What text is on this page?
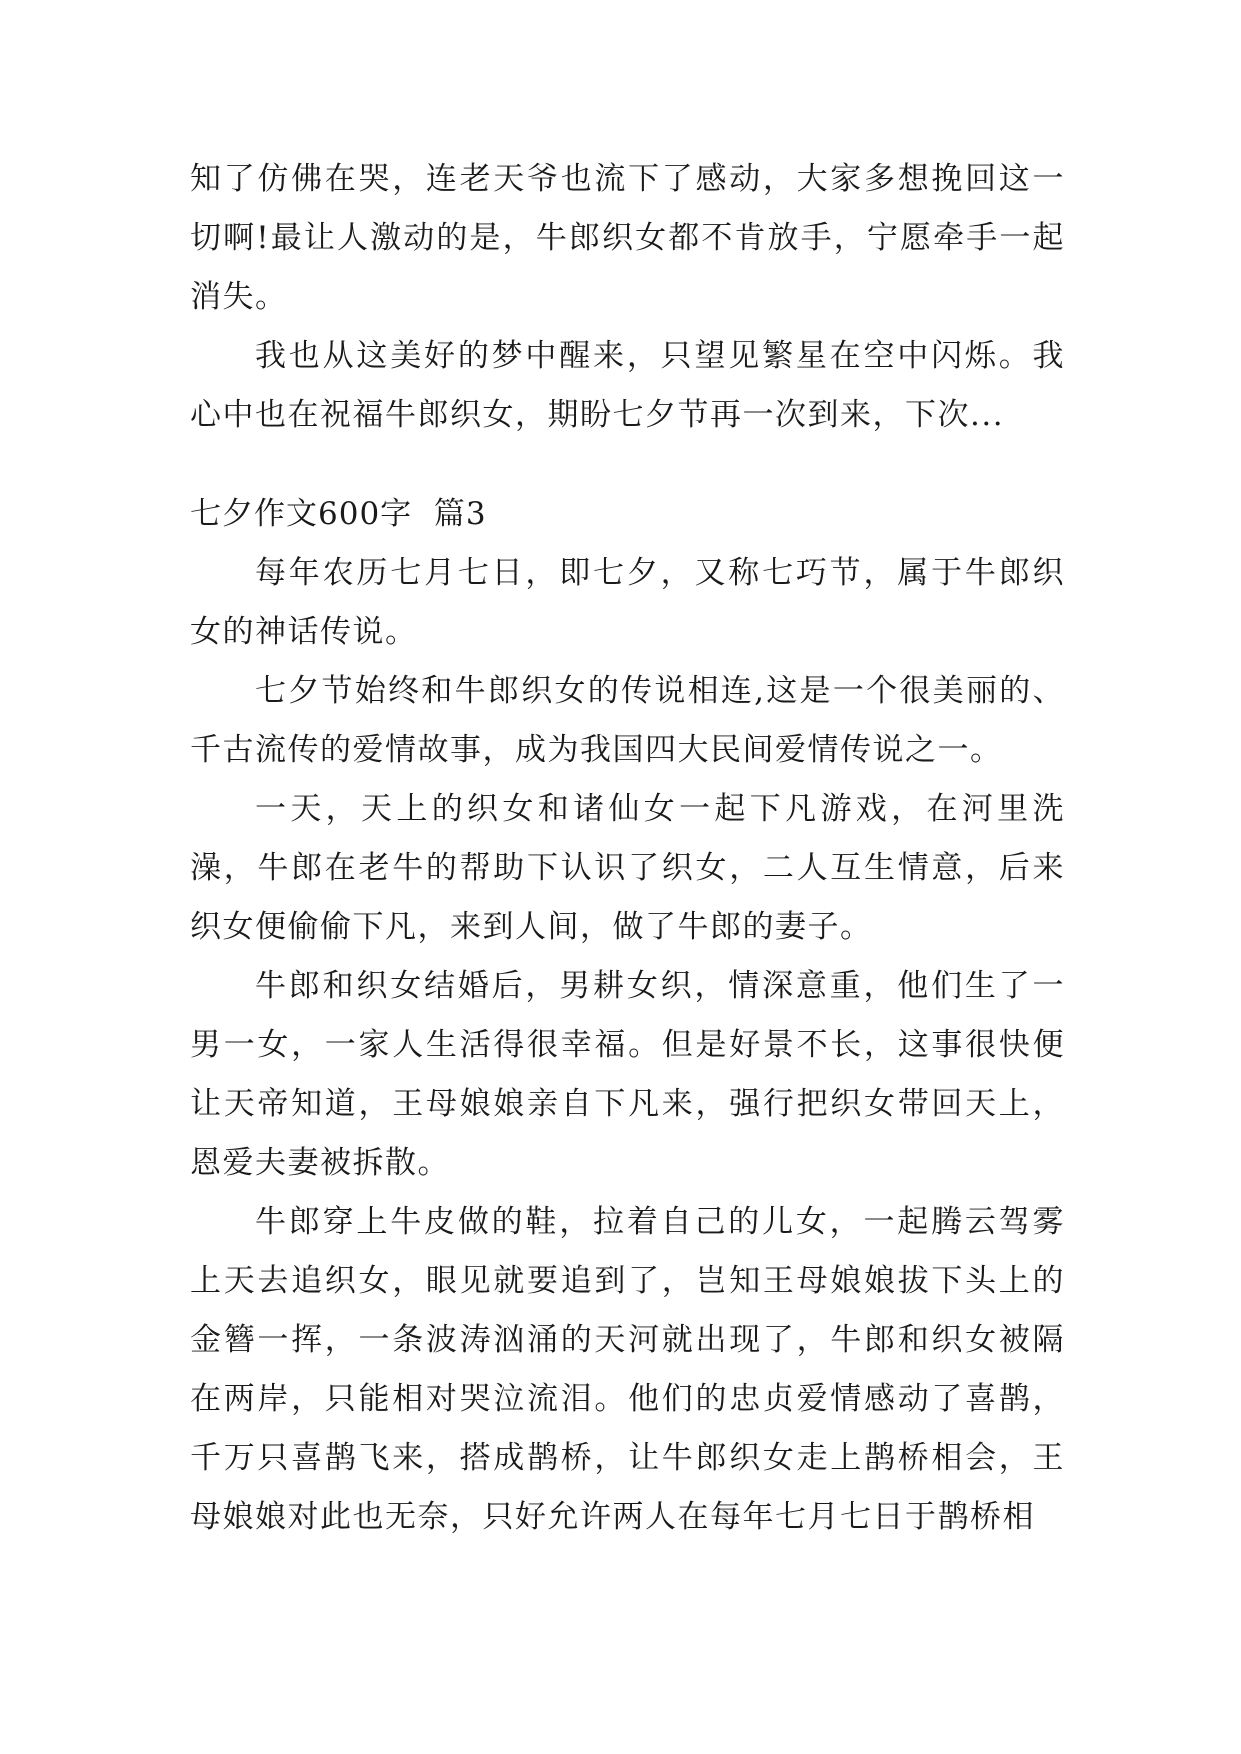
知了仿佛在哭，连老天爷也流下了感动，大家多想挽回这一切啊!最让人激动的是，牛郎织女都不肯放手，宁愿牵手一起消失。

我也从这美好的梦中醒来，只望见繁星在空中闪烁。我心中也在祝福牛郎织女，期盼七夕节再一次到来，下次...

七夕作文600字  篇3

每年农历七月七日，即七夕，又称七巧节，属于牛郎织女的神话传说。

七夕节始终和牛郎织女的传说相连,这是一个很美丽的、千古流传的爱情故事，成为我国四大民间爱情传说之一。

一天，天上的织女和诸仙女一起下凡游戏，在河里洗澡，牛郎在老牛的帮助下认识了织女，二人互生情意，后来织女便偷偷下凡，来到人间，做了牛郎的妻子。

牛郎和织女结婚后，男耕女织，情深意重，他们生了一男一女，一家人生活得很幸福。但是好景不长，这事很快便让天帝知道，王母娘娘亲自下凡来，强行把织女带回天上，恩爱夫妻被拆散。

牛郎穿上牛皮做的鞋，拉着自己的儿女，一起腾云驾雾上天去追织女，眼见就要追到了，岂知王母娘娘拔下头上的金簪一挥，一条波涛汹涌的天河就出现了，牛郎和织女被隔在两岸，只能相对哭泣流泪。他们的忠贞爱情感动了喜鹊，千万只喜鹊飞来，搭成鹊桥，让牛郎织女走上鹊桥相会，王母娘娘对此也无奈，只好允许两人在每年七月七日于鹊桥相
